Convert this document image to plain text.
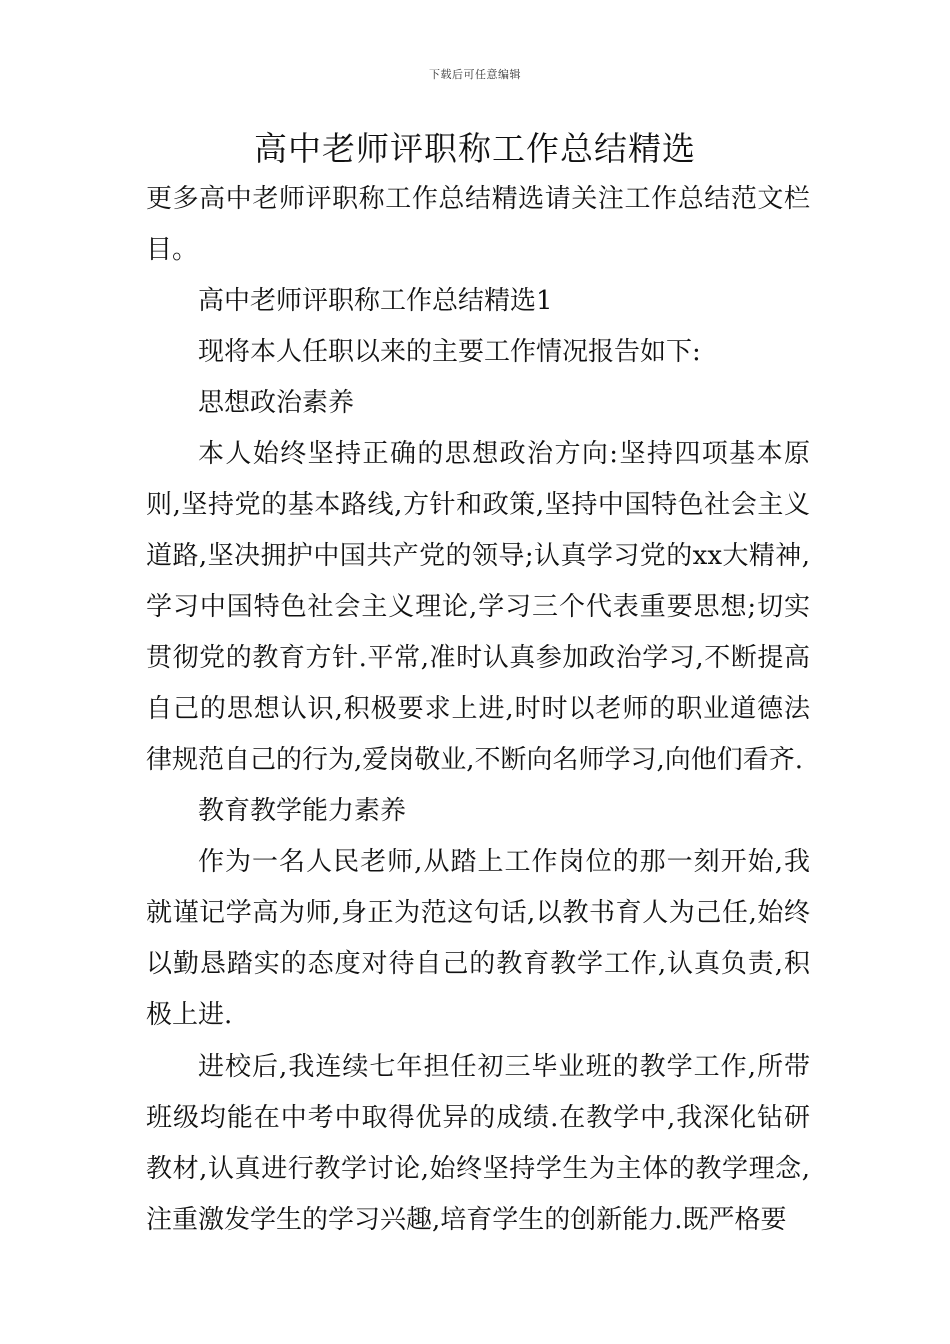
下载后可任意编辑
高中老师评职称工作总结精选

更多高中老师评职称工作总结精选请关注工作总结范文栏目。

高中老师评职称工作总结精选1

现将本人任职以来的主要工作情况报告如下:

思想政治素养

本人始终坚持正确的思想政治方向:坚持四项基本原则,坚持党的基本路线,方针和政策,坚持中国特色社会主义道路,坚决拥护中国共产党的领导;认真学习党的xx大精神,学习中国特色社会主义理论,学习三个代表重要思想;切实贯彻党的教育方针.平常,准时认真参加政治学习,不断提高自己的思想认识,积极要求上进,时时以老师的职业道德法律规范自己的行为,爱岗敬业,不断向名师学习,向他们看齐.

教育教学能力素养

作为一名人民老师,从踏上工作岗位的那一刻开始,我就谨记学高为师,身正为范这句话,以教书育人为己任,始终以勤恳踏实的态度对待自己的教育教学工作,认真负责,积极上进.

进校后,我连续七年担任初三毕业班的教学工作,所带班级均能在中考中取得优异的成绩.在教学中,我深化钻研教材,认真进行教学讨论,始终坚持学生为主体的教学理念,注重激发学生的学习兴趣,培育学生的创新能力.既严格要
